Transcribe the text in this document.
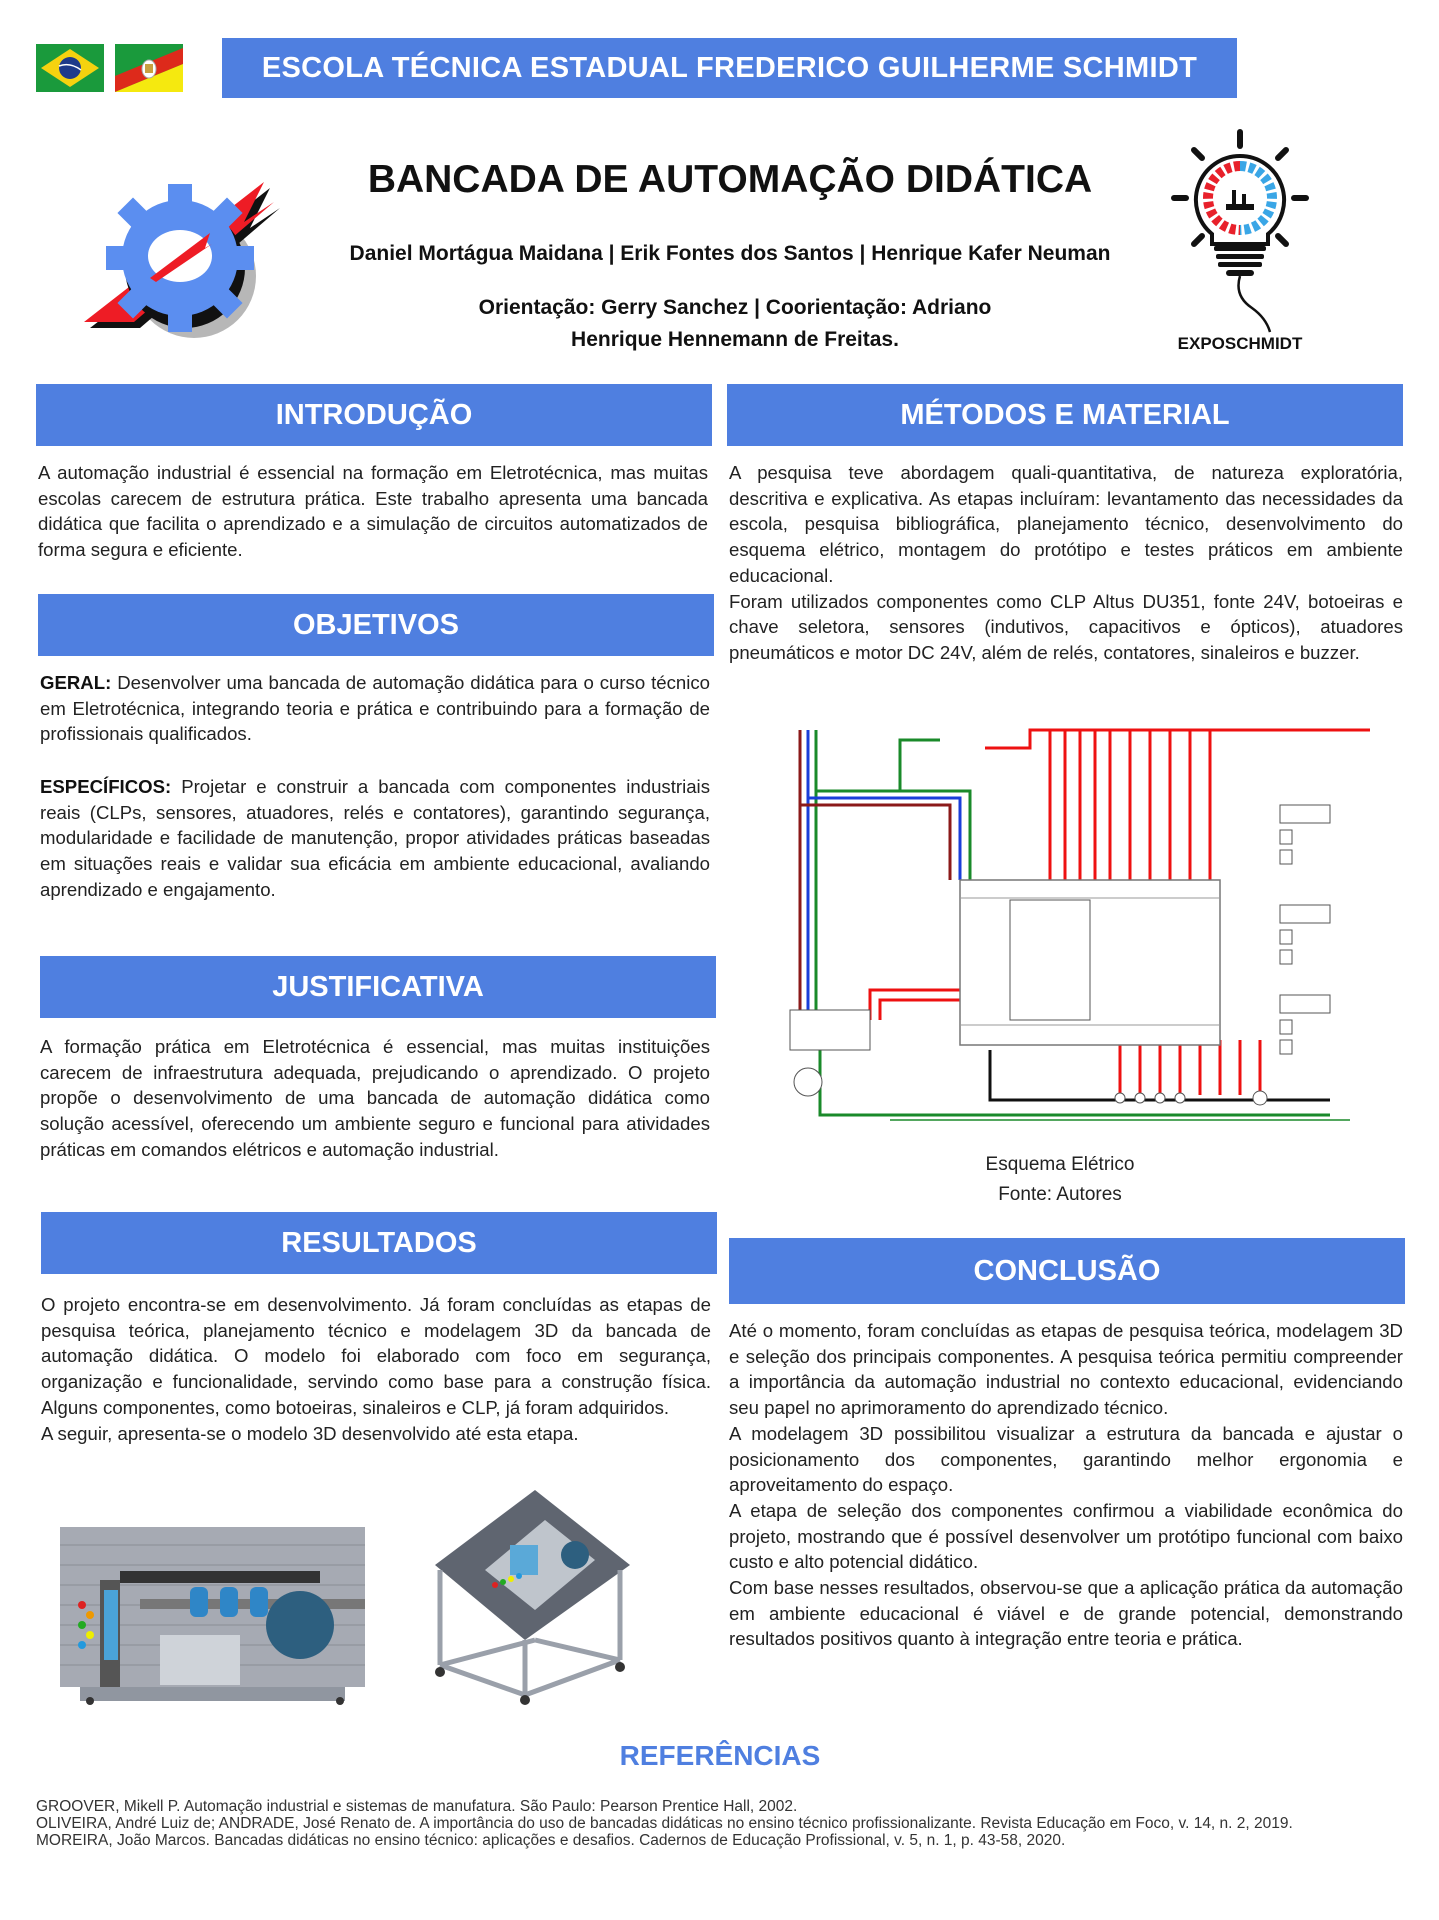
ESCOLA TÉCNICA ESTADUAL FREDERICO GUILHERME SCHMIDT
BANCADA DE AUTOMAÇÃO DIDÁTICA
Daniel Mortágua Maidana | Erik Fontes dos Santos | Henrique Kafer Neuman
Orientação: Gerry Sanchez | Coorientação: Adriano
Henrique Hennemann de Freitas.	EXPOSCHMIDT
INTRODUÇÃO
A automação industrial é essencial na formação em Eletrotécnica, mas muitas escolas carecem de estrutura prática. Este trabalho apresenta uma bancada didática que facilita o aprendizado e a simulação de circuitos automatizados de forma segura e eficiente.
OBJETIVOS
GERAL: Desenvolver uma bancada de automação didática para o curso técnico em Eletrotécnica, integrando teoria e prática e contribuindo para a formação de profissionais qualificados.
ESPECÍFICOS: Projetar e construir a bancada com componentes industriais reais (CLPs, sensores, atuadores, relés e contatores), garantindo segurança, modularidade e facilidade de manutenção, propor atividades práticas baseadas em situações reais e validar sua eficácia em ambiente educacional, avaliando aprendizado e engajamento.
JUSTIFICATIVA
A formação prática em Eletrotécnica é essencial, mas muitas instituições carecem de infraestrutura adequada, prejudicando o aprendizado. O projeto propõe o desenvolvimento de uma bancada de automação didática como solução acessível, oferecendo um ambiente seguro e funcional para atividades práticas em comandos elétricos e automação industrial.
RESULTADOS

O projeto encontra-se em desenvolvimento. Já foram concluídas as etapas de pesquisa teórica, planejamento técnico e modelagem 3D da bancada de automação didática. O modelo foi elaborado com foco em segurança, organização e funcionalidade, servindo como base para a construção física. Alguns componentes, como botoeiras, sinaleiros e CLP, já foram adquiridos.

A seguir, apresenta-se o modelo 3D desenvolvido até esta etapa.

MÉTODOS E MATERIAL

A pesquisa teve abordagem quali-quantitativa, de natureza exploratória, descritiva e explicativa. As etapas incluíram: levantamento das necessidades da escola, pesquisa bibliográfica, planejamento técnico, desenvolvimento do esquema elétrico, montagem do protótipo e testes práticos em ambiente educacional.

Foram utilizados componentes como CLP Altus DU351, fonte 24V, botoeiras e chave seletora, sensores (indutivos, capacitivos e ópticos), atuadores pneumáticos e motor DC 24V, além de relés, contatores, sinaleiros e buzzer.

Esquema Elétrico
Fonte: Autores
CONCLUSÃO

Até o momento, foram concluídas as etapas de pesquisa teórica, modelagem 3D e seleção dos principais componentes. A pesquisa teórica permitiu compreender a importância da automação industrial no contexto educacional, evidenciando seu papel no aprimoramento do aprendizado técnico.

A modelagem 3D possibilitou visualizar a estrutura da bancada e ajustar o posicionamento dos componentes, garantindo melhor ergonomia e aproveitamento do espaço.

A etapa de seleção dos componentes confirmou a viabilidade econômica do projeto, mostrando que é possível desenvolver um protótipo funcional com baixo custo e alto potencial didático.

Com base nesses resultados, observou-se que a aplicação prática da automação em ambiente educacional é viável e de grande potencial, demonstrando resultados positivos quanto à integração entre teoria e prática.

REFERÊNCIAS

GROOVER, Mikell P. Automação industrial e sistemas de manufatura. São Paulo: Pearson Prentice Hall, 2002.

OLIVEIRA, André Luiz de; ANDRADE, José Renato de. A importância do uso de bancadas didáticas no ensino técnico profissionalizante. Revista Educação em Foco, v. 14, n. 2, 2019.

MOREIRA, João Marcos. Bancadas didáticas no ensino técnico: aplicações e desafios. Cadernos de Educação Profissional, v. 5, n. 1, p. 43-58, 2020.
